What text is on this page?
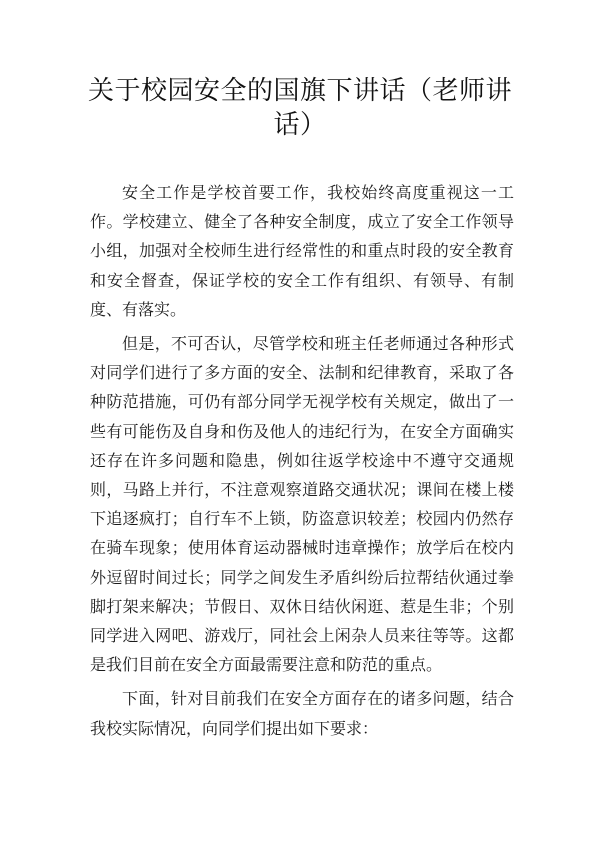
关于校园安全的国旗下讲话（老师讲话）

安全工作是学校首要工作，我校始终高度重视这一工作。学校建立、健全了各种安全制度，成立了安全工作领导小组，加强对全校师生进行经常性的和重点时段的安全教育和安全督查，保证学校的安全工作有组织、有领导、有制度、有落实。

但是，不可否认，尽管学校和班主任老师通过各种形式对同学们进行了多方面的安全、法制和纪律教育，采取了各种防范措施，可仍有部分同学无视学校有关规定，做出了一些有可能伤及自身和伤及他人的违纪行为，在安全方面确实还存在许多问题和隐患，例如往返学校途中不遵守交通规则，马路上并行，不注意观察道路交通状况；课间在楼上楼下追逐疯打；自行车不上锁，防盗意识较差；校园内仍然存在骑车现象；使用体育运动器械时违章操作；放学后在校内外逗留时间过长；同学之间发生矛盾纠纷后拉帮结伙通过拳脚打架来解决；节假日、双休日结伙闲逛、惹是生非；个别同学进入网吧、游戏厅，同社会上闲杂人员来往等等。这都是我们目前在安全方面最需要注意和防范的重点。

下面，针对目前我们在安全方面存在的诸多问题，结合我校实际情况，向同学们提出如下要求：
